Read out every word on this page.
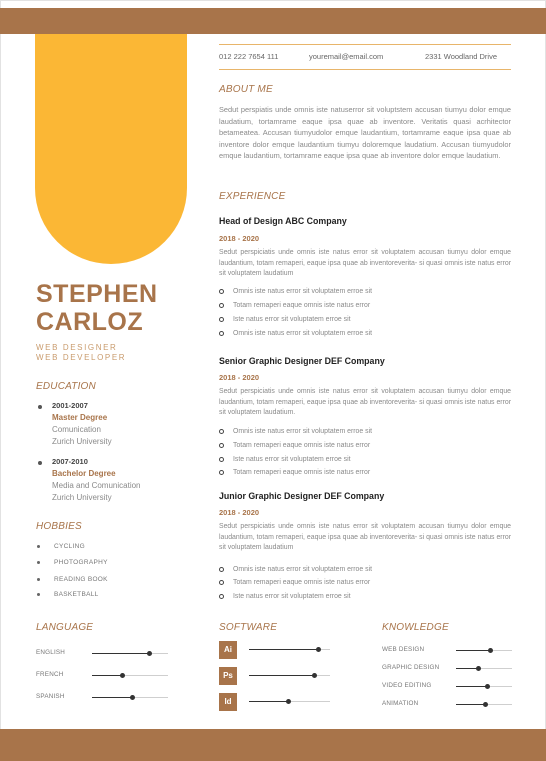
STEPHEN
CARLOZ
WEB DESIGNER
WEB DEVELOPER
EDUCATION
2001-2007
Master Degree
Comunication
Zurich University
2007-2010
Bachelor Degree
Media and Comunication
Zurich University
HOBBIES
CYCLING
PHOTOGRAPHY
READING BOOK
BASKETBALL
012 222 7654 111	youremail@email.com	2331 Woodland Drive
ABOUT ME
Sedut perspiatis unde omnis iste natuserror sit voluptstem accusan tiumyu dolor emque laudatium, tortamrame eaque ipsa quae ab inventore. Veritatis quasi acrhitector betameatea. Accusan tiumyudolor emque laudantium, tortamrame eaque ipsa quae ab inventore dolor emque laudantium tiumyu doloremque laudatium. Accusan tiumyudolor emque laudantium, tortamrame eaque ipsa quae ab inventore dolor emque laudatium.
EXPERIENCE
Head of Design ABC Company
2018 - 2020
Sedut perspiciatis unde omnis iste natus error sit voluptatem accusan tiumyu dolor emque laudantium, totam remaperi, eaque ipsa quae ab inventoreverita- si quasi omnis iste natus error sit voluptatem laudatium
Omnis iste natus error sit voluptatem erroe sit
Totam remaperi eaque omnis iste natus error
Iste natus error sit voluptatem erroe sit
Omnis iste natus error sit voluptatem erroe sit
Senior Graphic Designer DEF Company
2018 - 2020
Sedut perspiciatis unde omnis iste natus error sit voluptatem accusan tiumyu dolor emque laudantium, totam remaperi, eaque ipsa quae ab inventoreverita- si quasi omnis iste natus error sit voluptatem laudatium.
Omnis iste natus error sit voluptatem erroe sit
Totam remaperi eaque omnis iste natus error
Iste natus error sit voluptatem erroe sit
Totam remaperi eaque omnis iste natus error
Junior Graphic Designer DEF Company
2018 - 2020
Sedut perspiciatis unde omnis iste natus error sit voluptatem accusan tiumyu dolor emque laudantium, totam remaperi, eaque ipsa quae ab inventoreverita- si quasi omnis iste natus error sit voluptatem laudatium
Omnis iste natus error sit voluptatem erroe sit
Totam remaperi eaque omnis iste natus error
Iste natus error sit voluptatem erroe sit
LANGUAGE	SOFTWARE	KNOWLEDGE
ENGLISH
FRENCH
SPANISH
Ai
Ps
Id
WEB DESIGN
GRAPHIC DESIGN
VIDEO EDITING
ANIMATION
